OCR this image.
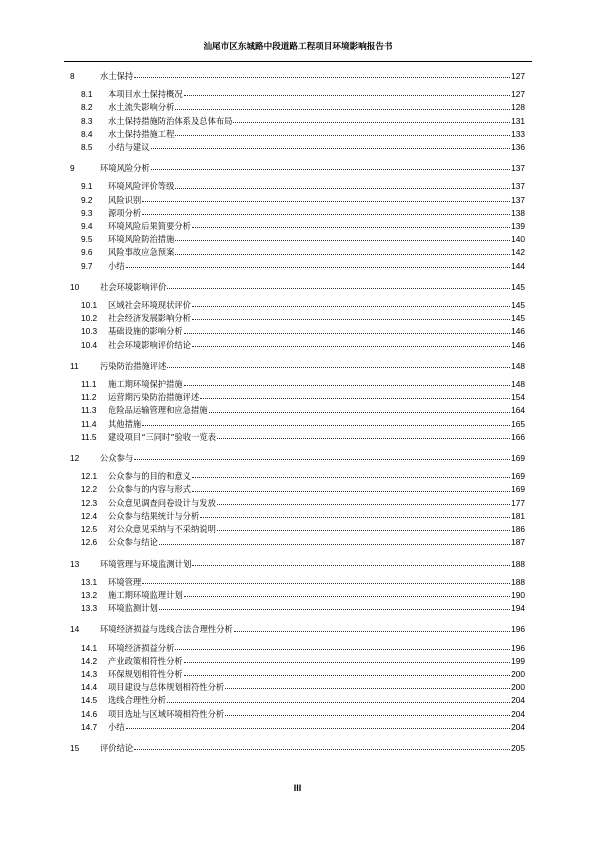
汕尾市区东城路中段道路工程项目环境影响报告书
8	水土保持	127
8.1	本项目水土保持概况	127
8.2	水土流失影响分析	128
8.3	水土保持措施防治体系及总体布局	131
8.4	水土保持措施工程	133
8.5	小结与建议	136
9	环境风险分析	137
9.1	环境风险评价等级	137
9.2	风险识别	137
9.3	源项分析	138
9.4	环境风险后果简要分析	139
9.5	环境风险防治措施	140
9.6	风险事故应急预案	142
9.7	小结	144
10	社会环境影响评价	145
10.1	区域社会环境现状评价	145
10.2	社会经济发展影响分析	145
10.3	基础设施的影响分析	146
10.4	社会环境影响评价结论	146
11	污染防治措施评述	148
11.1	施工期环境保护措施	148
11.2	运营期污染防治措施评述	154
11.3	危险品运输管理和应急措施	164
11.4	其他措施	165
11.5	建设项目“三同时”验收一览表	166
12	公众参与	169
12.1	公众参与的目的和意义	169
12.2	公众参与的内容与形式	169
12.3	公众意见调查问卷设计与发放	177
12.4	公众参与结果统计与分析	181
12.5	对公众意见采纳与不采纳说明	186
12.6	公众参与结论	187
13	环境管理与环境监测计划	188
13.1	环境管理	188
13.2	施工期环境监理计划	190
13.3	环境监测计划	194
14	环境经济损益与选线合法合理性分析	196
14.1	环境经济损益分析	196
14.2	产业政策相符性分析	199
14.3	环保规划相符性分析	200
14.4	项目建设与总体规划相符性分析	200
14.5	选线合理性分析	204
14.6	项目选址与区域环境相符性分析	204
14.7	小结	204
15	评价结论	205
III
